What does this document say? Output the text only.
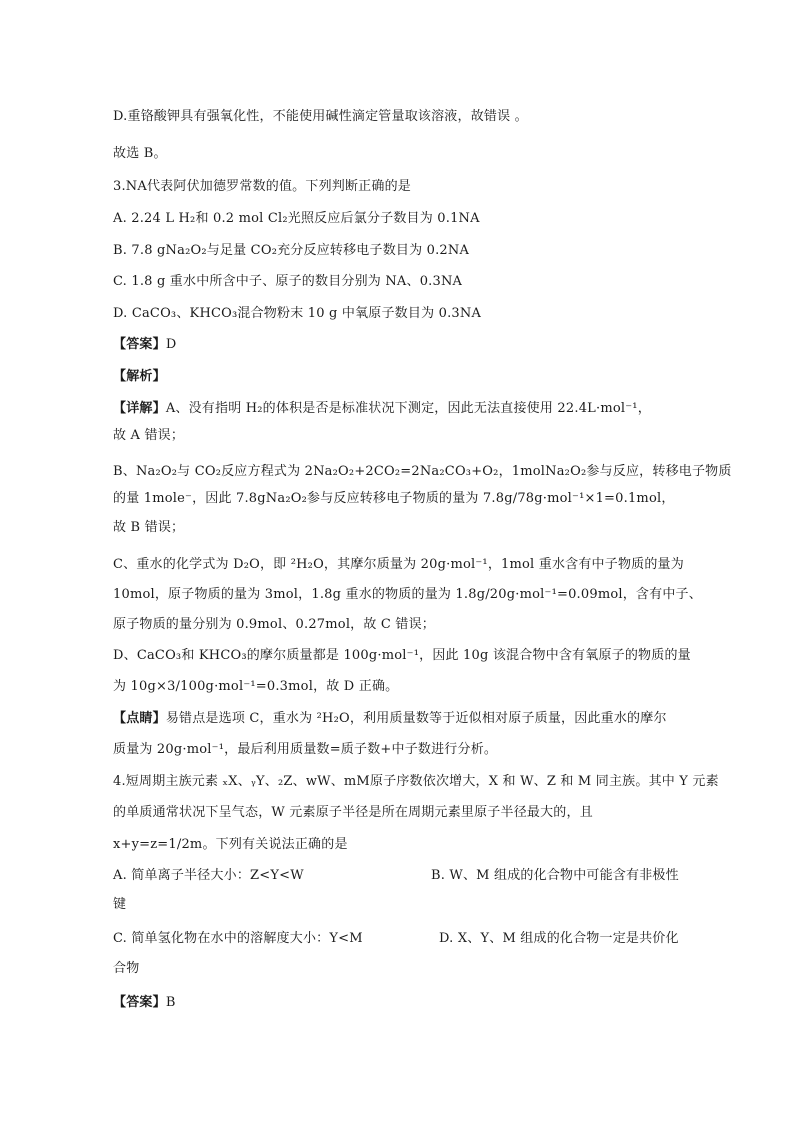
D.重铬酸钾具有强氧化性，不能使用碱性滴定管量取该溶液，故错误 。
故选 B。
3.NA代表阿伏加德罗常数的值。下列判断正确的是
A. 2.24 L H₂和 0.2 mol Cl₂光照反应后氯分子数目为 0.1NA
B. 7.8 gNa₂O₂与足量 CO₂充分反应转移电子数目为 0.2NA
C. 1.8 g 重水中所含中子、原子的数目分别为 NA、0.3NA
D. CaCO₃、KHCO₃混合物粉末 10 g 中氧原子数目为 0.3NA
【答案】D
【解析】
【详解】A、没有指明 H₂的体积是否是标准状况下测定，因此无法直接使用 22.4L·mol⁻¹，
故 A 错误；
B、Na₂O₂与 CO₂反应方程式为 2Na₂O₂+2CO₂=2Na₂CO₃+O₂，1molNa₂O₂参与反应，转移电子物质
的量 1mole⁻，因此 7.8gNa₂O₂参与反应转移电子物质的量为 7.8g/78g·mol⁻¹×1=0.1mol，
故 B 错误；
C、重水的化学式为 D₂O，即 ²H₂O，其摩尔质量为 20g·mol⁻¹，1mol 重水含有中子物质的量为
10mol，原子物质的量为 3mol，1.8g 重水的物质的量为 1.8g/20g·mol⁻¹=0.09mol，含有中子、
原子物质的量分别为 0.9mol、0.27mol，故 C 错误；
D、CaCO₃和 KHCO₃的摩尔质量都是 100g·mol⁻¹，因此 10g 该混合物中含有氧原子的物质的量
为 10g×3/100g·mol⁻¹=0.3mol，故 D 正确。
【点睛】易错点是选项 C，重水为 ²H₂O，利用质量数等于近似相对原子质量，因此重水的摩尔
质量为 20g·mol⁻¹，最后利用质量数=质子数+中子数进行分析。
4.短周期主族元素 ₓX、ᵧY、₂Z、wW、mM原子序数依次增大，X 和 W、Z 和 M 同主族。其中 Y 元素
的单质通常状况下呈气态，W 元素原子半径是所在周期元素里原子半径最大的，且
x+y=z=1/2m。下列有关说法正确的是
A. 简单离子半径大小：Z<Y<W	B. W、M 组成的化合物中可能含有非极性
键
C. 简单氢化物在水中的溶解度大小：Y<M	D. X、Y、M 组成的化合物一定是共价化
合物
【答案】B
